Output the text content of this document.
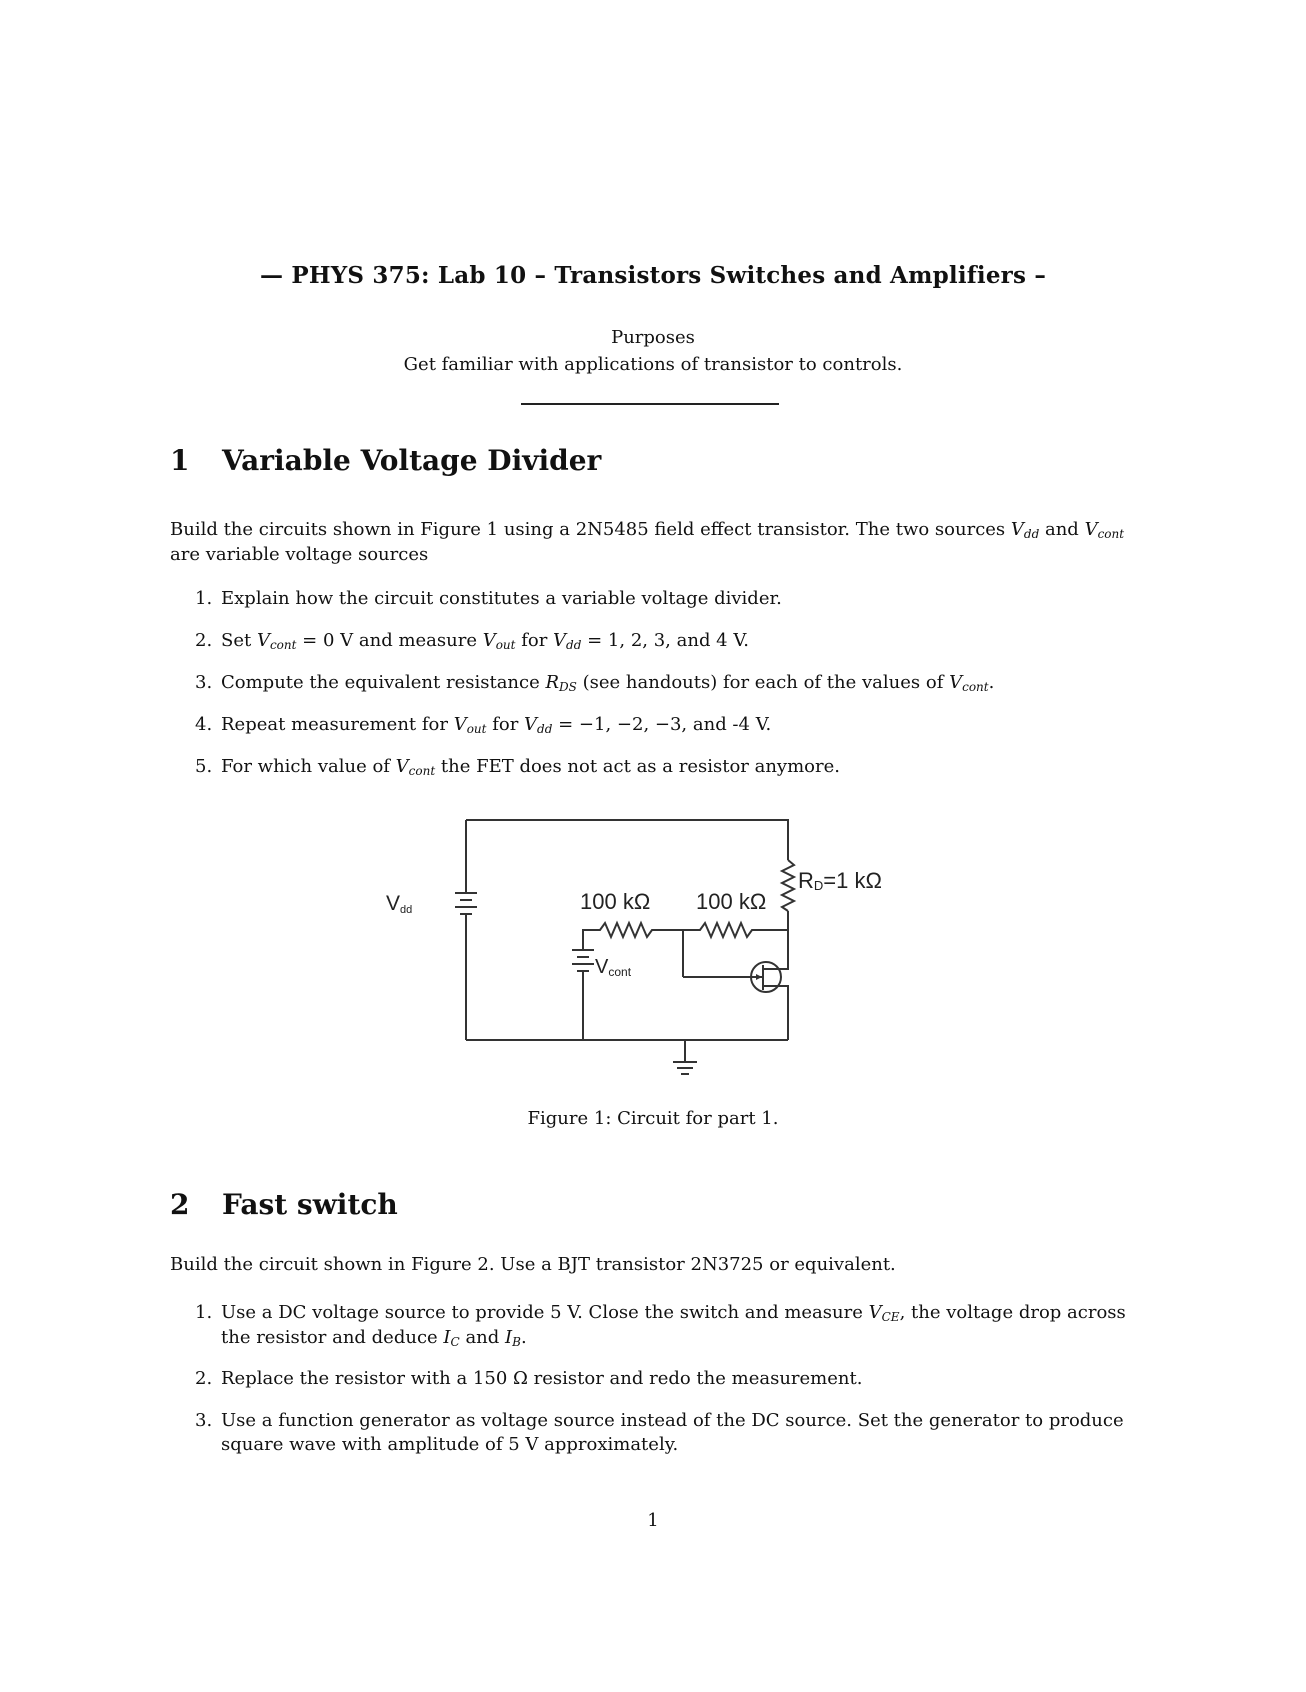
— PHYS 375: Lab 10 – Transistors Switches and Amplifiers –
Purposes
Get familiar with applications of transistor to controls.
1 Variable Voltage Divider
Build the circuits shown in Figure 1 using a 2N5485 field effect transistor. The two sources Vdd and Vcont
are variable voltage sources
1. Explain how the circuit constitutes a variable voltage divider.
2. Set Vcont = 0 V and measure Vout for Vdd = 1, 2, 3, and 4 V.
3. Compute the equivalent resistance RDS (see handouts) for each of the values of Vcont.
4. Repeat measurement for Vout for Vdd = −1, −2, −3, and -4 V.
5. For which value of Vcont the FET does not act as a resistor anymore.
Vdd	100 kΩ 100 kΩ
RD=1 kΩ
Vcont
Figure 1: Circuit for part 1.
2 Fast switch
Build the circuit shown in Figure 2. Use a BJT transistor 2N3725 or equivalent.
1. Use a DC voltage source to provide 5 V. Close the switch and measure VCE, the voltage drop across
the resistor and deduce IC and IB.
2. Replace the resistor with a 150 Ω resistor and redo the measurement.
3. Use a function generator as voltage source instead of the DC source. Set the generator to produce
square wave with amplitude of 5 V approximately.
1
